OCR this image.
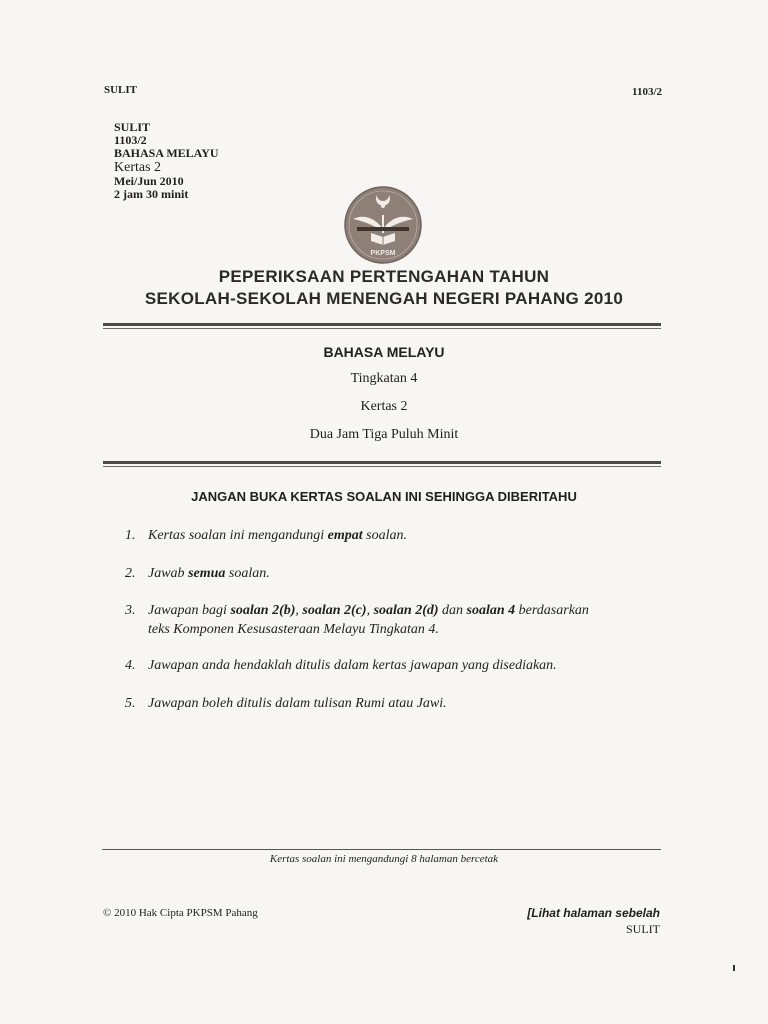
SULIT	1103/2
SULIT
1103/2
BAHASA MELAYU
Kertas 2
Mei/Jun 2010
2 jam 30 minit
PKPSM
PEPERIKSAAN PERTENGAHAN TAHUN
SEKOLAH-SEKOLAH MENENGAH NEGERI PAHANG 2010
BAHASA MELAYU
Tingkatan 4
Kertas 2
Dua Jam Tiga Puluh Minit
JANGAN BUKA KERTAS SOALAN INI SEHINGGA DIBERITAHU
1. Kertas soalan ini mengandungi empat soalan.
2. Jawab semua soalan.
3. Jawapan bagi soalan 2(b), soalan 2(c), soalan 2(d) dan soalan 4 berdasarkan
teks Komponen Kesusasteraan Melayu Tingkatan 4.
4. Jawapan anda hendaklah ditulis dalam kertas jawapan yang disediakan.
5. Jawapan boleh ditulis dalam tulisan Rumi atau Jawi.
Kertas soalan ini mengandungi 8 halaman bercetak
© 2010 Hak Cipta PKPSM Pahang	[Lihat halaman sebelah
SULIT
